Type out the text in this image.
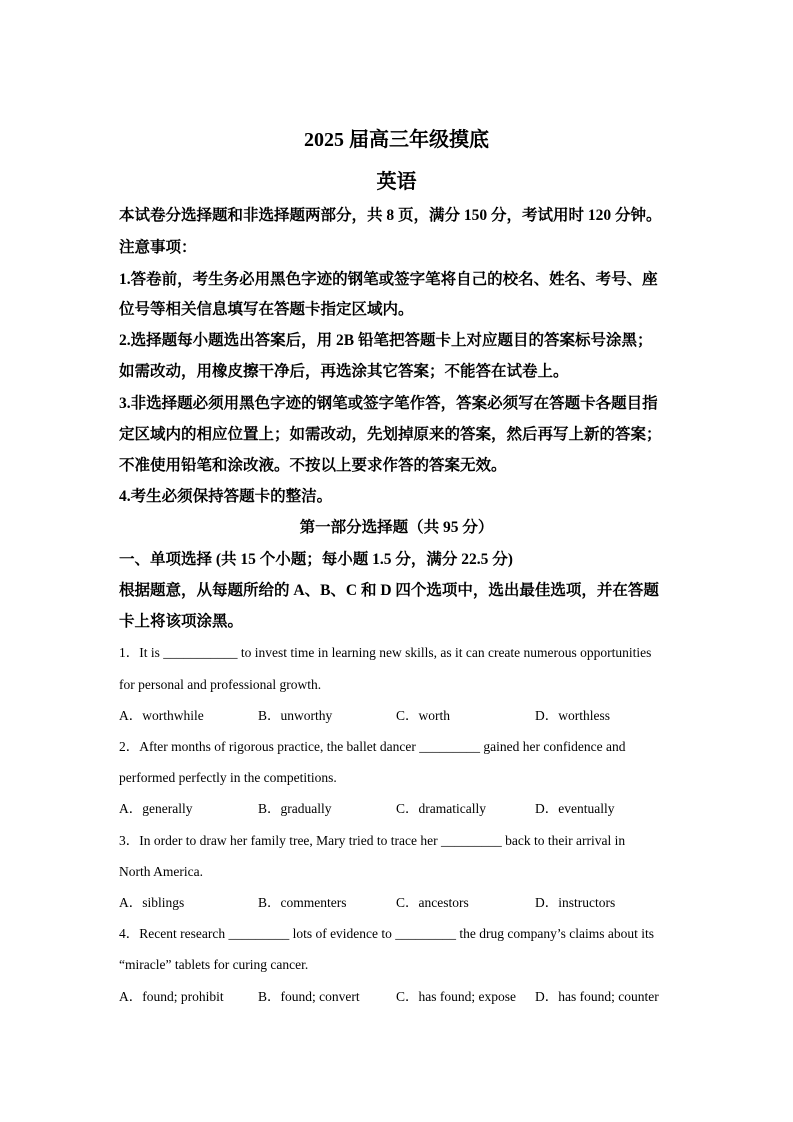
2025 届高三年级摸底
英语
本试卷分选择题和非选择题两部分，共 8 页，满分 150 分，考试用时 120 分钟。
注意事项：
1.答卷前，考生务必用黑色字迹的钢笔或签字笔将自己的校名、姓名、考号、座
位号等相关信息填写在答题卡指定区域内。
2.选择题每小题选出答案后，用 2B 铅笔把答题卡上对应题目的答案标号涂黑；
如需改动，用橡皮擦干净后，再选涂其它答案；不能答在试卷上。
3.非选择题必须用黑色字迹的钢笔或签字笔作答，答案必须写在答题卡各题目指
定区域内的相应位置上；如需改动，先划掉原来的答案，然后再写上新的答案；
不准使用铅笔和涂改液。不按以上要求作答的答案无效。
4.考生必须保持答题卡的整洁。
第一部分选择题（共 95 分）
一、单项选择 (共 15 个小题；每小题 1.5 分，满分 22.5 分)
根据题意，从每题所给的 A、B、C 和 D 四个选项中，选出最佳选项，并在答题
卡上将该项涂黑。
1．It is ___________ to invest time in learning new skills, as it can create numerous opportunities
for personal and professional growth.
A．worthwhile	B．unworthy	C．worth	D．worthless
2．After months of rigorous practice, the ballet dancer _________ gained her confidence and
performed perfectly in the competitions.
A．generally	B．gradually	C．dramatically	D．eventually
3．In order to draw her family tree, Mary tried to trace her _________ back to their arrival in
North America.
A．siblings	B．commenters	C．ancestors	D．instructors
4．Recent research _________ lots of evidence to _________ the drug company’s claims about its
“miracle” tablets for curing cancer.
A．found; prohibit	B．found; convert	C．has found; expose D．has found; counter
